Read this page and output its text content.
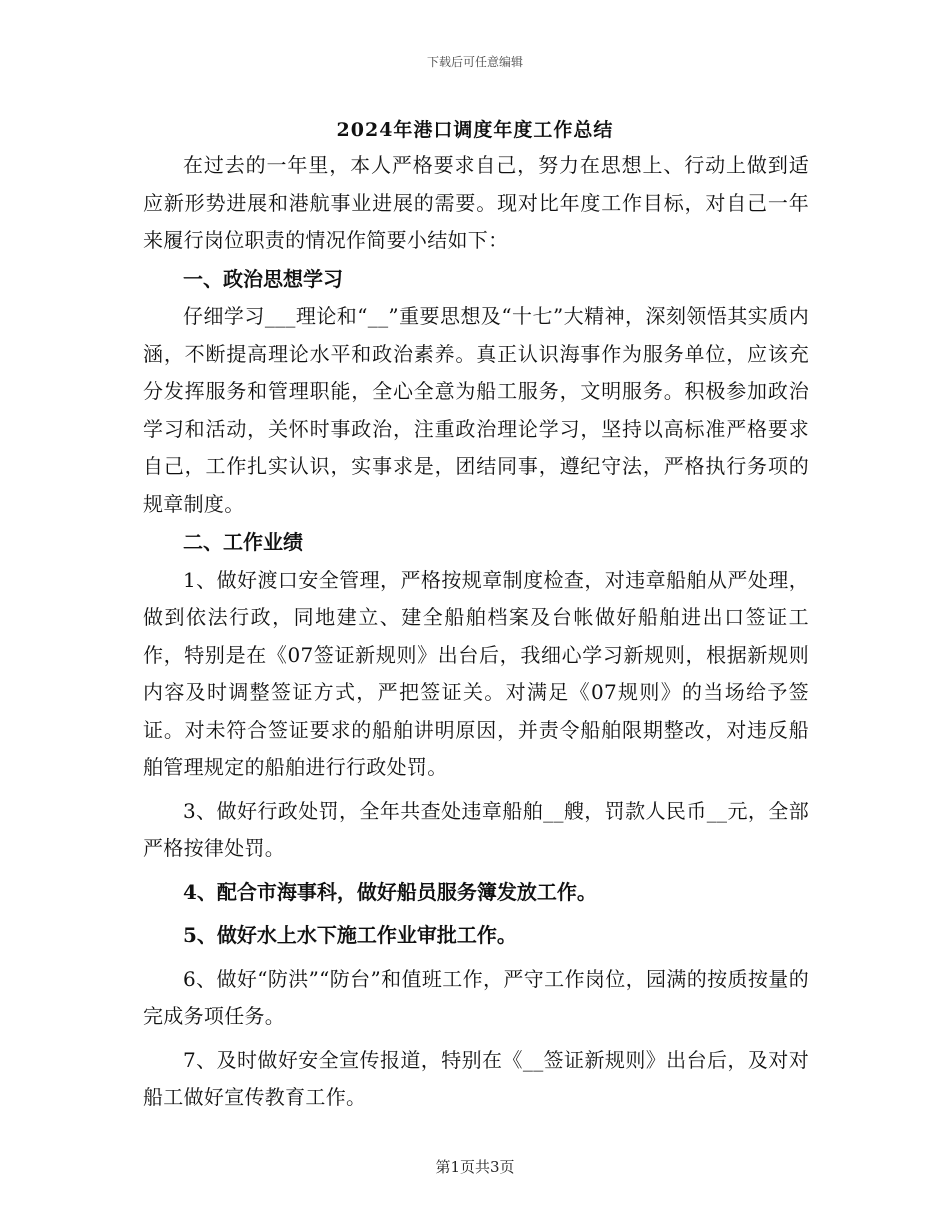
下载后可任意编辑
2024年港口调度年度工作总结

在过去的一年里，本人严格要求自己，努力在思想上、行动上做到适应新形势进展和港航事业进展的需要。现对比年度工作目标，对自己一年来履行岗位职责的情况作简要小结如下：

一、政治思想学习

仔细学习___理论和“__”重要思想及“十七”大精神，深刻领悟其实质内涵，不断提高理论水平和政治素养。真正认识海事作为服务单位，应该充分发挥服务和管理职能，全心全意为船工服务，文明服务。积极参加政治学习和活动，关怀时事政治，注重政治理论学习，坚持以高标准严格要求自己，工作扎实认识，实事求是，团结同事，遵纪守法，严格执行务项的规章制度。

二、工作业绩

1、做好渡口安全管理，严格按规章制度检查，对违章船舶从严处理，做到依法行政，同地建立、建全船舶档案及台帐做好船舶进出口签证工作，特别是在《07签证新规则》出台后，我细心学习新规则，根据新规则内容及时调整签证方式，严把签证关。对满足《07规则》的当场给予签证。对未符合签证要求的船舶讲明原因，并责令船舶限期整改，对违反船舶管理规定的船舶进行行政处罚。

3、做好行政处罚，全年共查处违章船舶__艘，罚款人民币__元，全部严格按律处罚。

4、配合市海事科，做好船员服务簿发放工作。

5、做好水上水下施工作业审批工作。

6、做好“防洪”“防台”和值班工作，严守工作岗位，园满的按质按量的完成务项任务。

7、及时做好安全宣传报道，特别在《__签证新规则》出台后，及对对船工做好宣传教育工作。

第1页共3页
